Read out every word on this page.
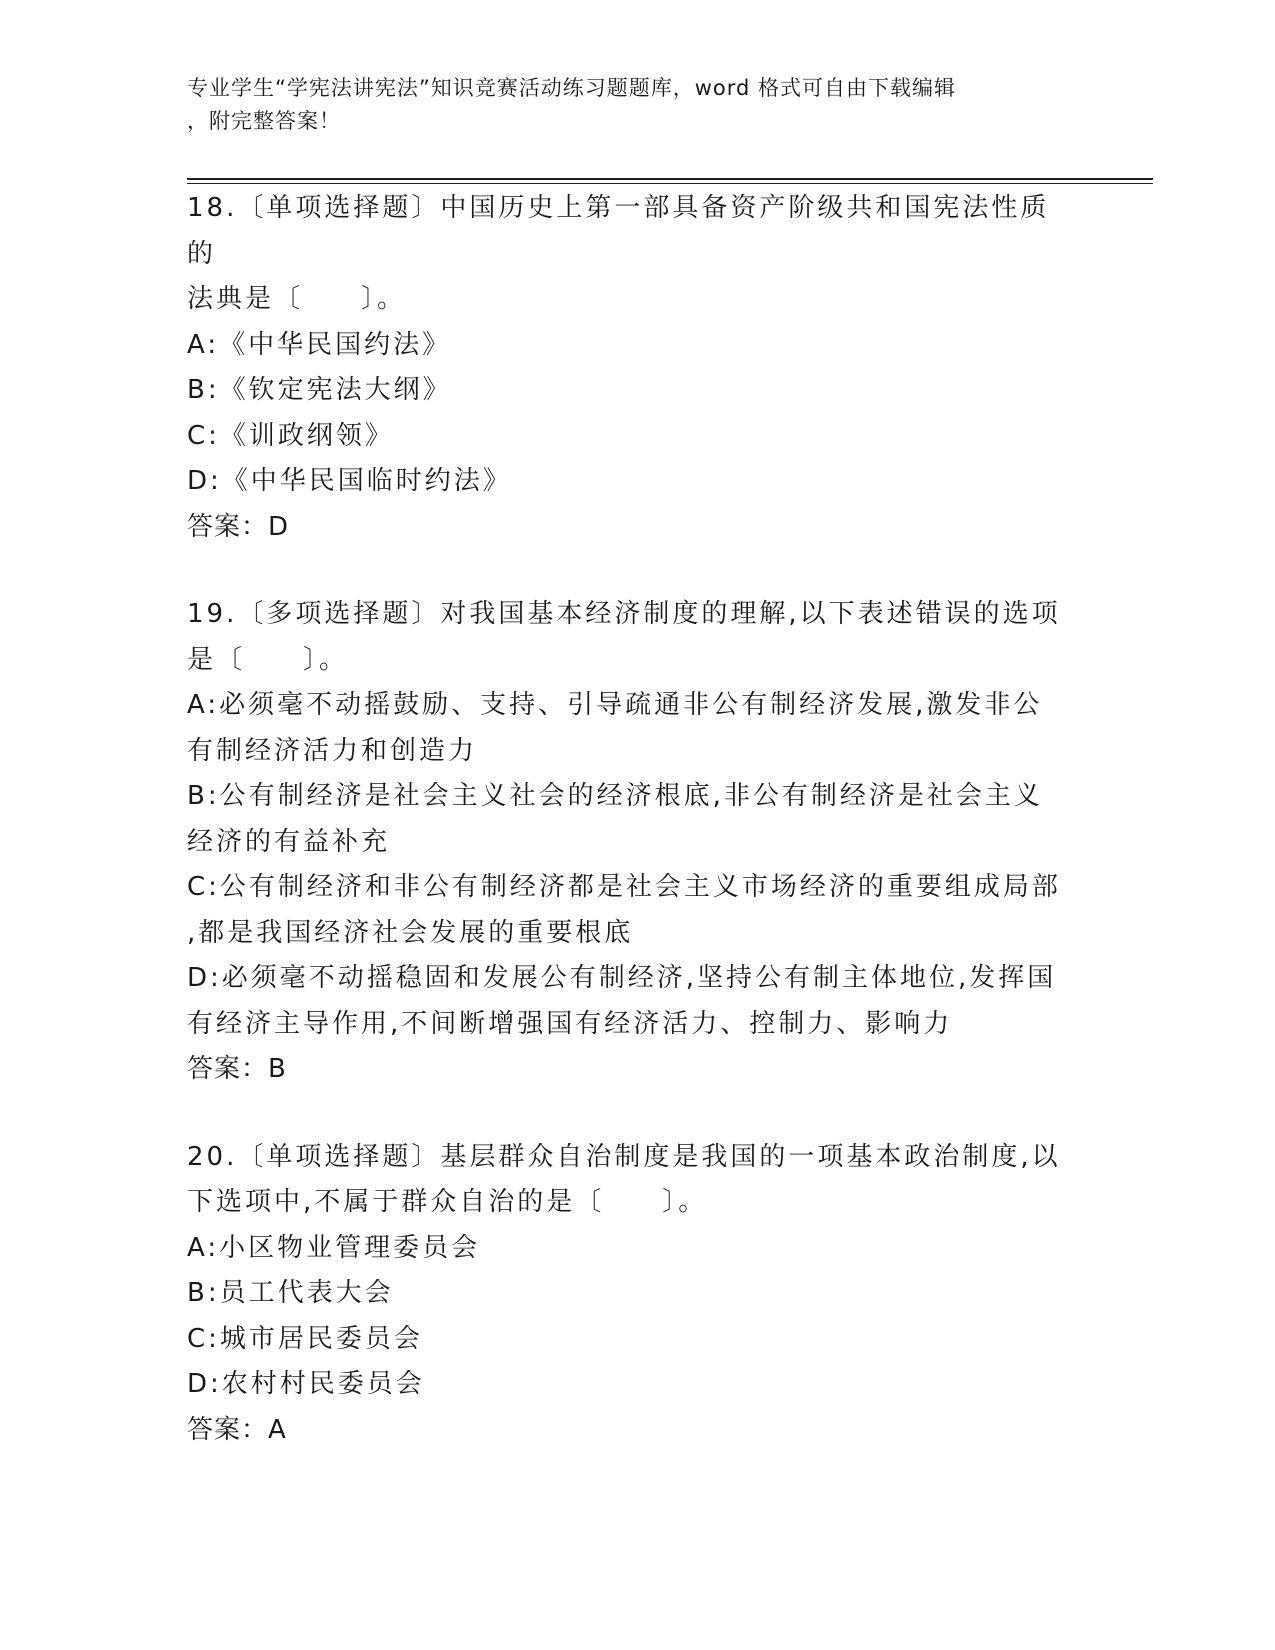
专业学生“学宪法讲宪法”知识竞赛活动练习题题库，word 格式可自由下载编辑
，附完整答案！

18.〔单项选择题〕中国历史上第一部具备资产阶级共和国宪法性质的

法典是〔　　〕。

A:《中华民国约法》

B:《钦定宪法大纲》

C:《训政纲领》

D:《中华民国临时约法》

答案：D

19.〔多项选择题〕对我国基本经济制度的理解,以下表述错误的选项

是〔　　〕。

A:必须毫不动摇鼓励、支持、引导疏通非公有制经济发展,激发非公

有制经济活力和创造力

B:公有制经济是社会主义社会的经济根底,非公有制经济是社会主义

经济的有益补充

C:公有制经济和非公有制经济都是社会主义市场经济的重要组成局部

,都是我国经济社会发展的重要根底

D:必须毫不动摇稳固和发展公有制经济,坚持公有制主体地位,发挥国

有经济主导作用,不间断增强国有经济活力、控制力、影响力

答案：B

20.〔单项选择题〕基层群众自治制度是我国的一项基本政治制度,以

下选项中,不属于群众自治的是〔　　〕。

A:小区物业管理委员会

B:员工代表大会

C:城市居民委员会

D:农村村民委员会

答案：A
